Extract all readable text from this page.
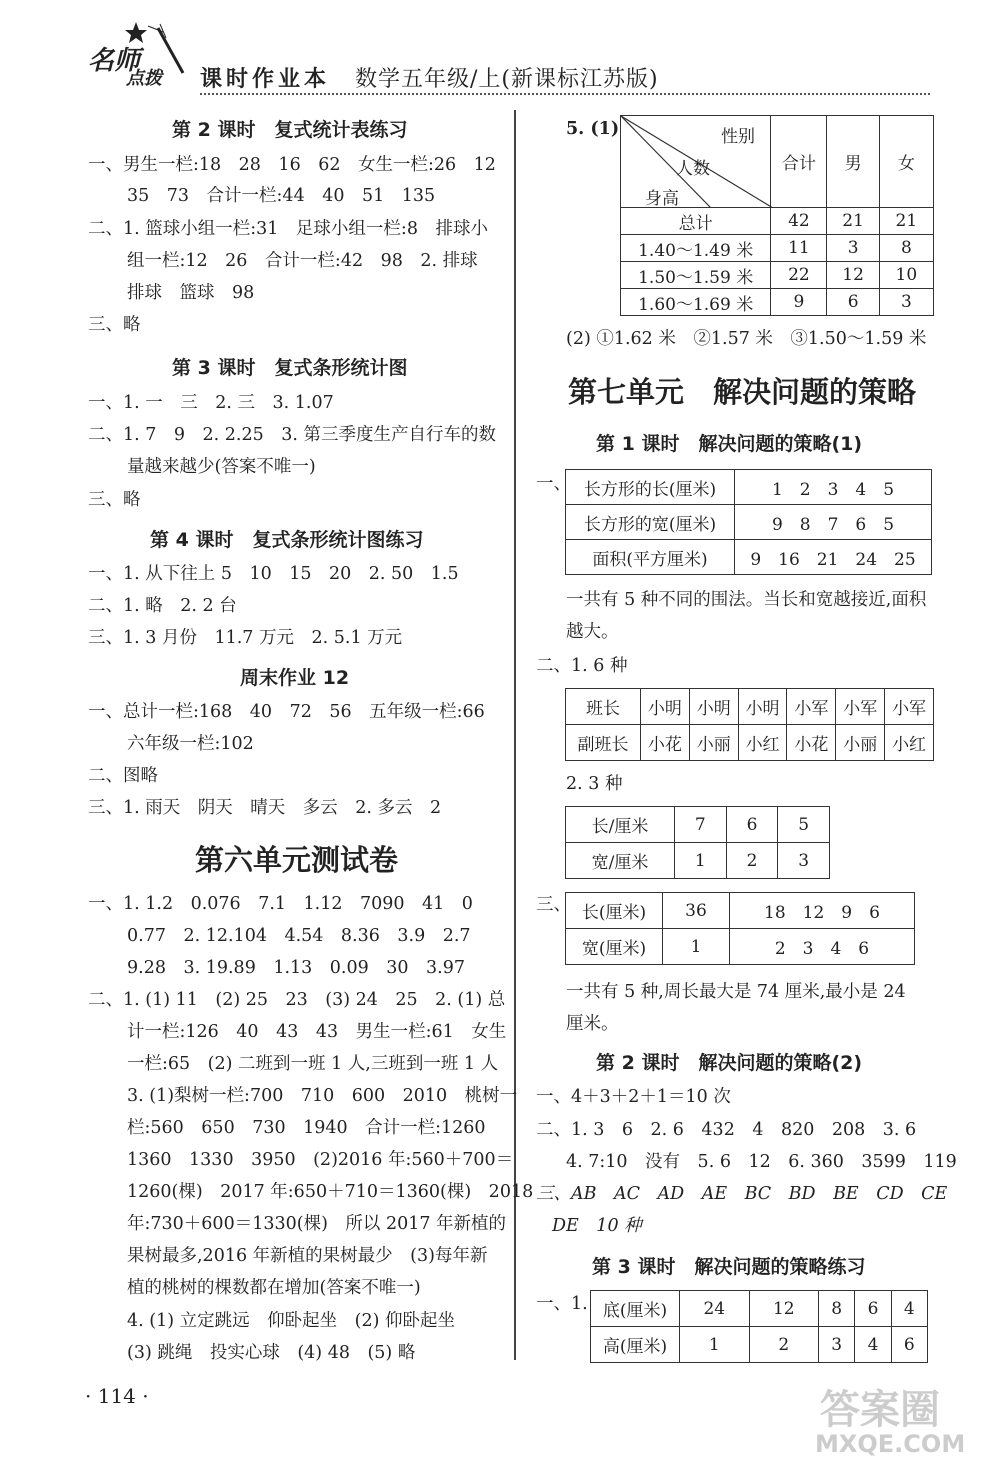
名师
点拨 课时作业本 数学五年级/上(新课标江苏版)
第 2 课时　复式统计表练习
一、男生一栏:18　28　16　62　女生一栏:26　12
35　73　合计一栏:44　40　51　135
二、1. 篮球小组一栏:31　足球小组一栏:8　排球小
组一栏:12　26　合计一栏:42　98　2. 排球
排球　篮球　98
三、略
第 3 课时　复式条形统计图
一、1. 一　三　2. 三　3. 1.07
二、1. 7　9　2. 2.25　3. 第三季度生产自行车的数
量越来越少(答案不唯一)
三、略
第 4 课时　复式条形统计图练习
一、1. 从下往上 5　10　15　20　2. 50　1.5
二、1. 略　2. 2 台
三、1. 3 月份　11.7 万元　2. 5.1 万元
周末作业 12
一、总计一栏:168　40　72　56　五年级一栏:66
六年级一栏:102
二、图略
三、1. 雨天　阴天　晴天　多云　2. 多云　2
第六单元测试卷
一、1. 1.2　0.076　7.1　1.12　7090　41　0
0.77　2. 12.104　4.54　8.36　3.9　2.7
9.28　3. 19.89　1.13　0.09　30　3.97
二、1. (1) 11　(2) 25　23　(3) 24　25　2. (1) 总
计一栏:126　40　43　43　男生一栏:61　女生
一栏:65　(2) 二班到一班 1 人,三班到一班 1 人
3. (1)梨树一栏:700　710　600　2010　桃树一
栏:560　650　730　1940　合计一栏:1260
1360　1330　3950　(2)2016 年:560＋700＝
1260(棵)　2017 年:650＋710＝1360(棵)　2018
年:730＋600＝1330(棵)　所以 2017 年新植的
果树最多,2016 年新植的果树最少　(3)每年新
植的桃树的棵数都在增加(答案不唯一)
4. (1) 立定跳远　仰卧起坐　(2) 仰卧起坐
(3) 跳绳　投实心球　(4) 48　(5) 略
5. (1)	性别
人数
身高	合计	男	女
总计	42	21	21
1.40～1.49 米	11	3	8
1.50～1.59 米	22	12	10
1.60～1.69 米	9	6	3
(2) ①1.62 米　②1.57 米　③1.50～1.59 米
第七单元　解决问题的策略
第 1 课时　解决问题的策略(1)
一、 长方形的长(厘米)	1　2　3　4　5
长方形的宽(厘米)	9　8　7　6　5
面积(平方厘米)	9　16　21　24　25
一共有 5 种不同的围法。当长和宽越接近,面积
越大。
二、1. 6 种
班长	小明	小明	小明	小军	小军	小军
副班长	小花	小丽	小红	小花	小丽	小红
2. 3 种
长/厘米	7	6	5
宽/厘米	1	2	3
三、 长(厘米)	36	18　12　9　6
宽(厘米)	1	2　3　4　6
一共有 5 种,周长最大是 74 厘米,最小是 24
厘米。
第 2 课时　解决问题的策略(2)
一、4＋3＋2＋1＝10 次
二、1. 3　6　2. 6　432　4　820　208　3. 6
4. 7:10　没有　5. 6　12　6. 360　3599　119
三、AB　AC　AD　AE　BC　BD　BE　CD　CE
DE　10 种
第 3 课时　解决问题的策略练习
一、1. 底(厘米)	24	12	8	6	4
高(厘米)	1	2	3	4	6
· 114 ·	答案圈
MXQE.COM
